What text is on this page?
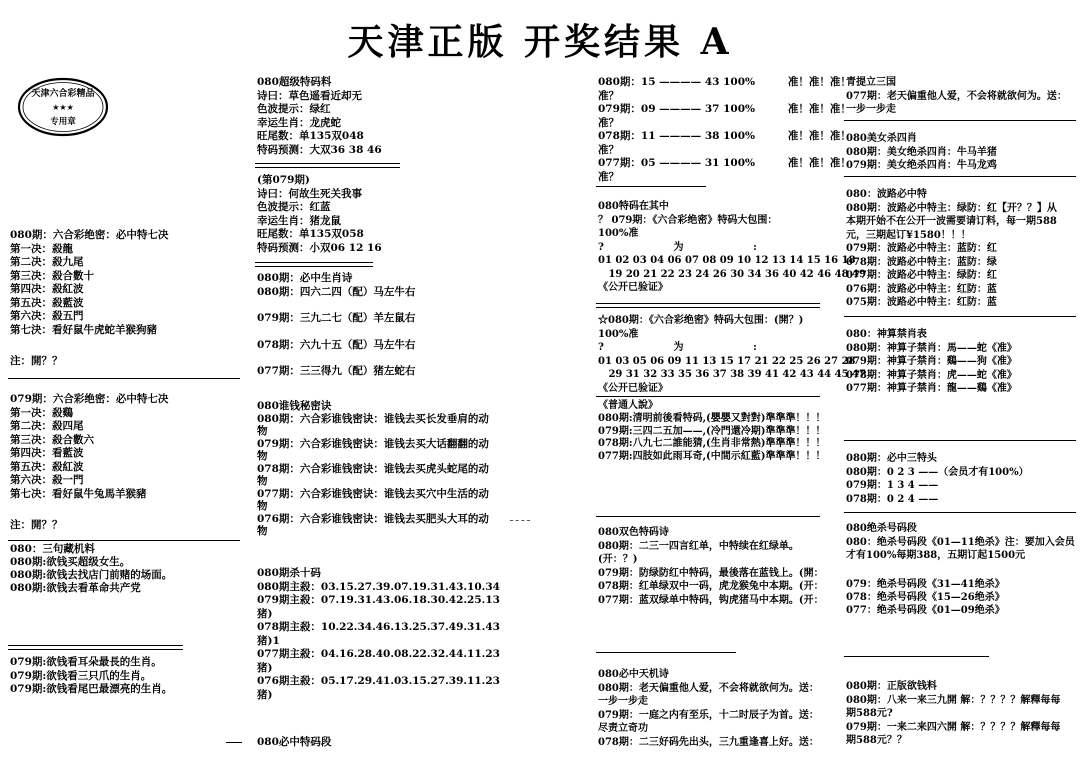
天津正版 开奖结果 A
天津六合彩精品
★★★
专用章
080期：六合彩绝密：必中特七决
第一决：殺龍
第二决：殺九尾
第三决：殺合數十
第四决：殺紅波
第五决：殺藍波
第六决：殺五門
第七決：看好鼠牛虎蛇羊猴狗豬
注：開？？
079期：六合彩绝密：必中特七决
第一决：殺鷄
第二决：殺四尾
第三决：殺合數六
第四决：看藍波
第五决：殺紅波
第六决：殺一門
第七决：看好鼠牛兔馬羊猴豬
注：開？？
080：三句藏机料
080期:欲钱买超级女生。
080期:欲钱去找店门前赌的场面。
080期:欲钱去看革命共产党
079期:欲钱看耳朵最長的生肖。
079期:欲钱看三只爪的生肖。
079期:欲钱看尾巴最漂亮的生肖。
080超级特码料
诗曰：草色遥看近却无
色波提示：绿红
幸运生肖：龙虎蛇
旺尾数：单135双048
特码预测：大双36 38 46
(第079期)
诗曰：何故生死关我事
色波提示：红蓝
幸运生肖：猪龙鼠
旺尾数：单135双058
特码预测：小双06 12 16
080期：必中生肖诗
080期：四六二四（配）马左牛右
079期：三九二七（配）羊左鼠右
078期：六九十五（配）马左牛右
077期：三三得九（配）猪左蛇右
080谁钱秘密诀
080期：六合彩谁钱密诀：谁钱去买长发垂肩的动
物
079期：六合彩谁钱密诀：谁钱去买大话翻翻的动
物
078期：六合彩谁钱密诀：谁钱去买虎头蛇尾的动
物
077期：六合彩谁钱密诀：谁钱去买穴中生活的动
物
076期：六合彩谁钱密诀：谁钱去买肥头大耳的动
物
080期杀十码
080期主殺：03.15.27.39.07.19.31.43.10.34
079期主殺：07.19.31.43.06.18.30.42.25.13
猪)
078期主殺：10.22.34.46.13.25.37.49.31.43
猪)1
077期主殺：04.16.28.40.08.22.32.44.11.23
猪)
076期主殺：05.17.29.41.03.15.27.39.11.23
猪)
080必中特码段
080期：15 ———— 43 100%         准！准！准！
准？
079期：09 ———— 37 100%         准！准！准！
准？
078期：11 ———— 38 100%         准！准！准！
准？
077期：05 ———— 31 100%         准！准！准！
准？
080特码在其中
？ 079期：《六合彩绝密》特码大包围：
100%准
?                    为                    :
01 02 03 04 06 07 08 09 10 12 13 14 15 16 18
19 20 21 22 23 24 26 30 34 36 40 42 46 48 49
《公开已验证》
☆080期：《六合彩绝密》特码大包围：(開？)
100%准
?                    为                    :
01 03 05 06 09 11 13 15 17 21 22 25 26 27 28
29 31 32 33 35 36 37 38 39 41 42 43 44 45 47
《公开已验证》
《普通人說》
080期:清明前後看特码,(嬰嬰又對對)準準準！！！
079期:三四二五加——,(冷門還冷期)準準準！！！
078期:八九七二誰能猜,(生肖非常熱)準準準！！！
077期:四肢如此雨耳奇,(中間示紅藍)準準準！！！
080双色特码诗
080期：二三一四言红单，中特续在红绿单。
(开：？)
079期：防绿防红中特码，最後落在蓝钱上。(開：
078期：红单绿双中一码，虎龙猴兔中本期。(开：
077期：蓝双绿单中特码，钩虎猪马中本期。(开：
080必中天机诗
080期：老天偏重他人爱，不会将就欲何为。送：
一步一步走
079期：一庭之内有至乐，十二时辰子为首。送：
尽责立奇功
078期：二三好码先出头，三九重逢喜上好。送：
青提立三国
077期：老天偏重他人爱，不会将就欲何为。送：
一步一步走
080美女杀四肖
080期：美女绝杀四肖：牛马羊猪
079期：美女绝杀四肖：牛马龙鸡
080：波路必中特
080期：波路必中特主：绿防：红【开？？】从
本期开始不在公开一波需要请订料，每一期588
元，三期起订¥1580！！！
079期：波路必中特主：蓝防：红
078期：波路必中特主：蓝防：绿
077期：波路必中特主：绿防：红
076期：波路必中特主：红防：蓝
075期：波路必中特主：红防：蓝
080：神算禁肖表
080期：神算子禁肖：馬——蛇《准》
079期：神算子禁肖：鷄——狗《准》
078期：神算子禁肖：虎——蛇《准》
077期：神算子禁肖：龍——鷄《准》
080期：必中三特头
080期：0 2 3 ——（会员才有100%）
079期：1 3 4 ——
078期：0 2 4 ——
080绝杀号码段
080：绝杀号码段《01—11绝杀》注：要加入会员
才有100%每期388，五期订起1500元
079：绝杀号码段《31—41绝杀》
078：绝杀号码段《15—26绝杀》
077：绝杀号码段《01—09绝杀》
080期：正版欲钱料
080期：八来一来三九開 解：？？？？解釋每每
期588元?
079期：一来二来四六開 解：？？？？解釋每每
期588元？？
